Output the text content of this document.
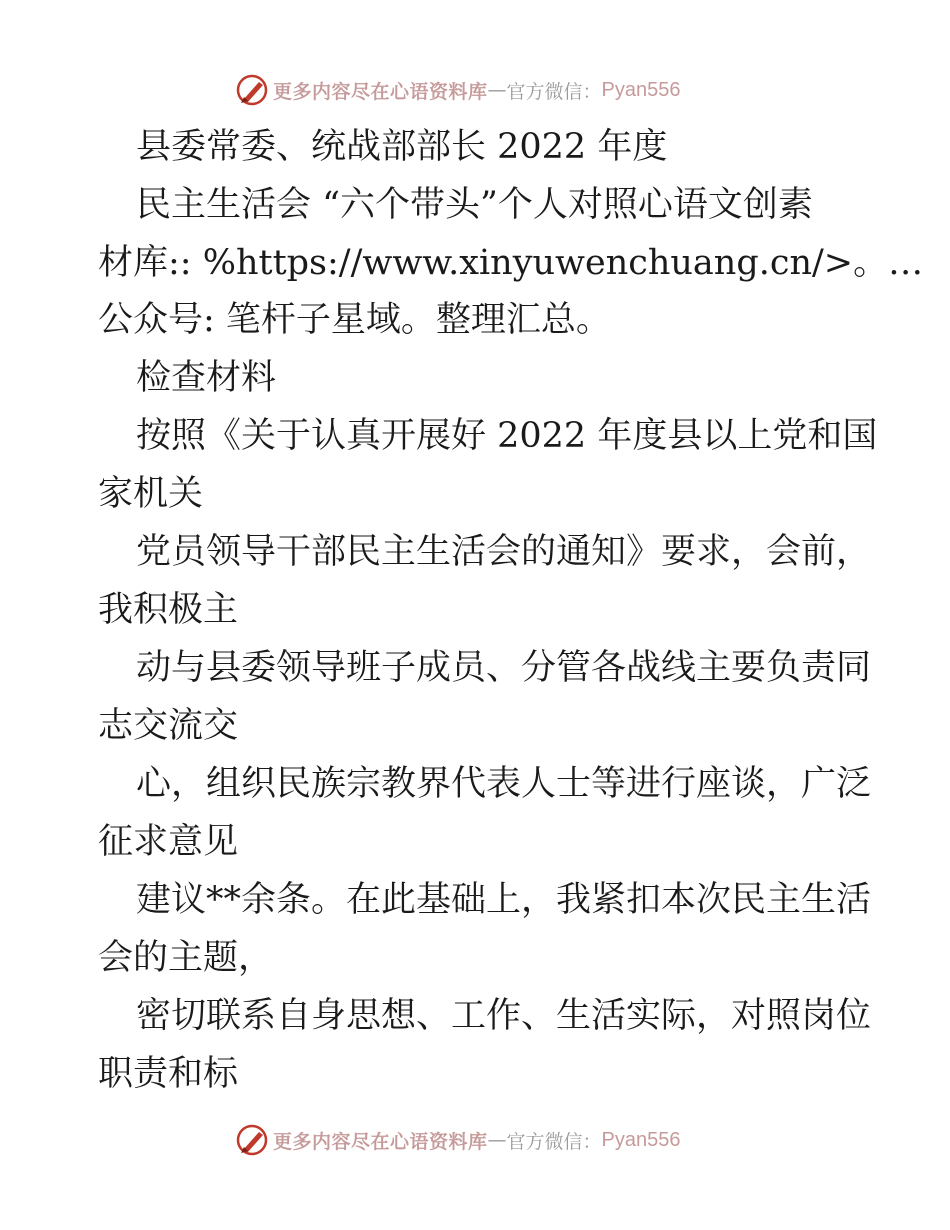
更多内容尽在心语资料库 — 官方微信： Pyan556
县委常委、统战部部长 2022 年度
民主生活会 “六个带头”个人对照心语文创素
材库:: %https://www.xinyuwenchuang.cn/>。…
公众号: 笔杆子星域。整理汇总。
检查材料
按照《关于认真开展好 2022 年度县以上党和国
家机关
党员领导干部民主生活会的通知》要求，会前，
我积极主
动与县委领导班子成员、分管各战线主要负责同
志交流交
心，组织民族宗教界代表人士等进行座谈，广泛
征求意见
建议**余条。在此基础上，我紧扣本次民主生活
会的主题，
密切联系自身思想、工作、生活实际，对照岗位
职责和标
更多内容尽在心语资料库 — 官方微信： Pyan556
